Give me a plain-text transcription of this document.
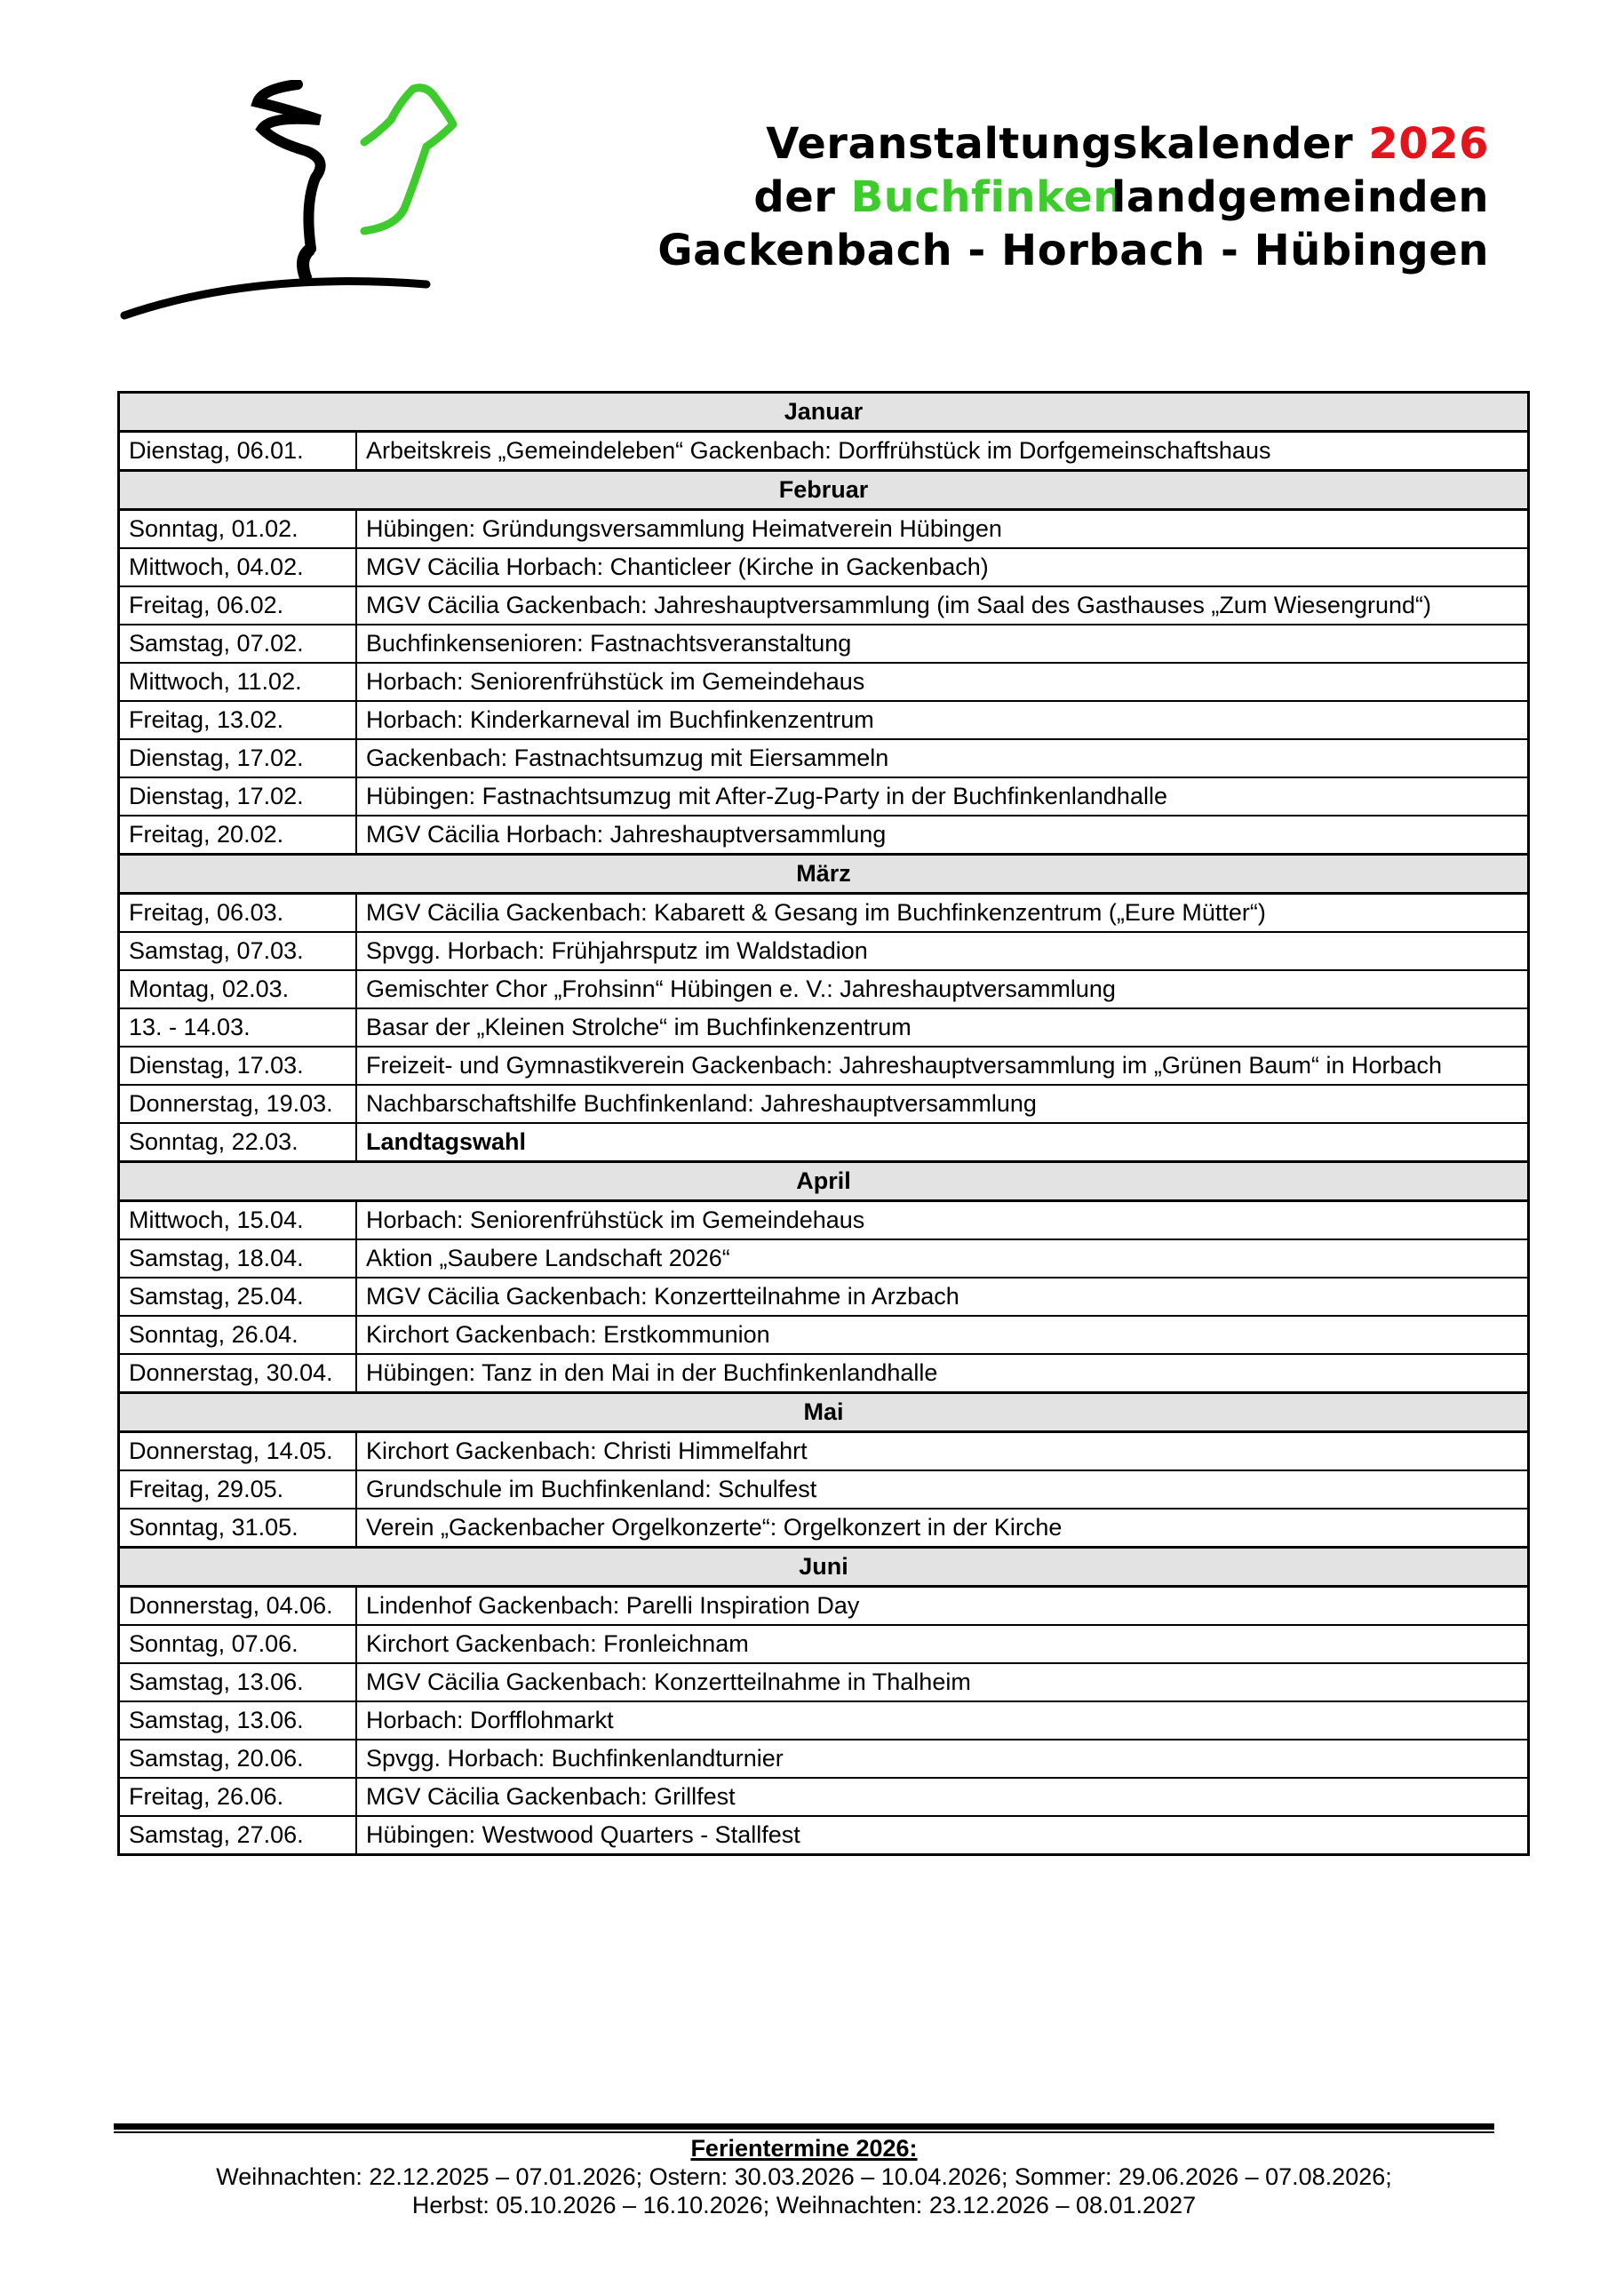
Veranstaltungskalender 2026
der Buchfinkenlandgemeinden
Gackenbach - Horbach - Hübingen
Januar	
Dienstag, 06.01.	Arbeitskreis „Gemeindeleben“ Gackenbach: Dorffrühstück im Dorfgemeinschaftshaus
Februar	
Sonntag, 01.02.	Hübingen: Gründungsversammlung Heimatverein Hübingen
Mittwoch, 04.02.	MGV Cäcilia Horbach: Chanticleer (Kirche in Gackenbach)
Freitag, 06.02.	MGV Cäcilia Gackenbach: Jahreshauptversammlung (im Saal des Gasthauses „Zum Wiesengrund“)
Samstag, 07.02.	Buchfinkensenioren: Fastnachtsveranstaltung
Mittwoch, 11.02.	Horbach: Seniorenfrühstück im Gemeindehaus
Freitag, 13.02.	Horbach: Kinderkarneval im Buchfinkenzentrum
Dienstag, 17.02.	Gackenbach: Fastnachtsumzug mit Eiersammeln
Dienstag, 17.02.	Hübingen: Fastnachtsumzug mit After-Zug-Party in der Buchfinkenlandhalle
Freitag, 20.02.	MGV Cäcilia Horbach: Jahreshauptversammlung
März	
Freitag, 06.03.	MGV Cäcilia Gackenbach: Kabarett & Gesang im Buchfinkenzentrum („Eure Mütter“)
Samstag, 07.03.	Spvgg. Horbach: Frühjahrsputz im Waldstadion
Montag, 02.03.	Gemischter Chor „Frohsinn“ Hübingen e. V.: Jahreshauptversammlung
13. - 14.03.	Basar der „Kleinen Strolche“ im Buchfinkenzentrum
Dienstag, 17.03.	Freizeit- und Gymnastikverein Gackenbach: Jahreshauptversammlung im „Grünen Baum“ in Horbach
Donnerstag, 19.03.	Nachbarschaftshilfe Buchfinkenland: Jahreshauptversammlung
Sonntag, 22.03.	Landtagswahl
April	
Mittwoch, 15.04.	Horbach: Seniorenfrühstück im Gemeindehaus
Samstag, 18.04.	Aktion „Saubere Landschaft 2026“
Samstag, 25.04.	MGV Cäcilia Gackenbach: Konzertteilnahme in Arzbach
Sonntag, 26.04.	Kirchort Gackenbach: Erstkommunion
Donnerstag, 30.04.	Hübingen: Tanz in den Mai in der Buchfinkenlandhalle
Mai	
Donnerstag, 14.05.	Kirchort Gackenbach: Christi Himmelfahrt
Freitag, 29.05.	Grundschule im Buchfinkenland: Schulfest
Sonntag, 31.05.	Verein „Gackenbacher Orgelkonzerte“: Orgelkonzert in der Kirche
Juni	
Donnerstag, 04.06.	Lindenhof Gackenbach: Parelli Inspiration Day
Sonntag, 07.06.	Kirchort Gackenbach: Fronleichnam
Samstag, 13.06.	MGV Cäcilia Gackenbach: Konzertteilnahme in Thalheim
Samstag, 13.06.	Horbach: Dorfflohmarkt
Samstag, 20.06.	Spvgg. Horbach: Buchfinkenlandturnier
Freitag, 26.06.	MGV Cäcilia Gackenbach: Grillfest
Samstag, 27.06.	Hübingen: Westwood Quarters - Stallfest
Ferientermine 2026:
Weihnachten: 22.12.2025 – 07.01.2026; Ostern: 30.03.2026 – 10.04.2026; Sommer: 29.06.2026 – 07.08.2026;
Herbst: 05.10.2026 – 16.10.2026; Weihnachten: 23.12.2026 – 08.01.2027
